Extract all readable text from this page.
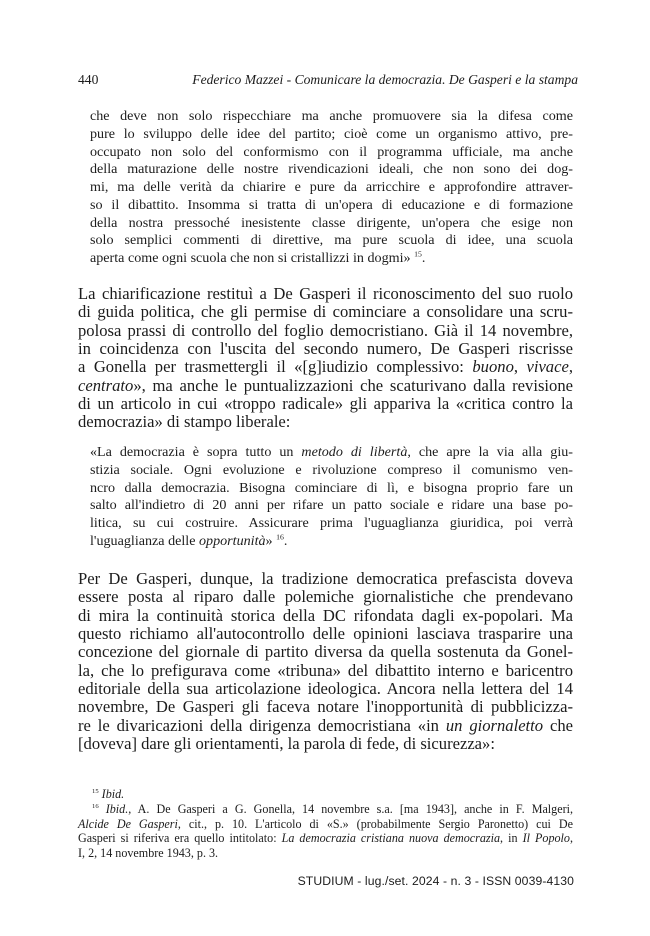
440	Federico Mazzei - Comunicare la democrazia. De Gasperi e la stampa
che deve non solo rispecchiare ma anche promuovere sia la difesa come
pure lo sviluppo delle idee del partito; cioè come un organismo attivo, pre-
occupato non solo del conformismo con il programma ufficiale, ma anche
della maturazione delle nostre rivendicazioni ideali, che non sono dei dog-
mi, ma delle verità da chiarire e pure da arricchire e approfondire attraver-
so il dibattito. Insomma si tratta di un'opera di educazione e di formazione
della nostra pressoché inesistente classe dirigente, un'opera che esige non
solo semplici commenti di direttive, ma pure scuola di idee, una scuola
aperta come ogni scuola che non si cristallizzi in dogmi» $^{15}$.
La chiarificazione restituì a De Gasperi il riconoscimento del suo ruolo
di guida politica, che gli permise di cominciare a consolidare una scru-
polosa prassi di controllo del foglio democristiano. Già il 14 novembre,
in coincidenza con l'uscita del secondo numero, De Gasperi riscrisse
a Gonella per trasmettergli il «[g]iudizio complessivo: buono, vivace,
centrato», ma anche le puntualizzazioni che scaturivano dalla revisione
di un articolo in cui «troppo radicale» gli appariva la «critica contro la
democrazia» di stampo liberale:
«La democrazia è sopra tutto un metodo di libertà, che apre la via alla giu-
stizia sociale. Ogni evoluzione e rivoluzione compreso il comunismo ven-
ncro dalla democrazia. Bisogna cominciare di lì, e bisogna proprio fare un
salto all'indietro di 20 anni per rifare un patto sociale e ridare una base po-
litica, su cui costruire. Assicurare prima l'uguaglianza giuridica, poi verrà
l'uguaglianza delle opportunità» $^{16}$.
Per De Gasperi, dunque, la tradizione democratica prefascista doveva
essere posta al riparo dalle polemiche giornalistiche che prendevano
di mira la continuità storica della DC rifondata dagli ex-popolari. Ma
questo richiamo all'autocontrollo delle opinioni lasciava trasparire una
concezione del giornale di partito diversa da quella sostenuta da Gonel-
la, che lo prefigurava come «tribuna» del dibattito interno e baricentro
editoriale della sua articolazione ideologica. Ancora nella lettera del 14
novembre, De Gasperi gli faceva notare l'inopportunità di pubblicizza-
re le divaricazioni della dirigenza democristiana «in un giornaletto che
[doveva] dare gli orientamenti, la parola di fede, di sicurezza»:
$^{15}$ Ibid.
$^{16}$ Ibid., A. De Gasperi a G. Gonella, 14 novembre s.a. [ma 1943], anche in F. Malgeri,
Alcide De Gasperi, cit., p. 10. L'articolo di «S.» (probabilmente Sergio Paronetto) cui De
Gasperi si riferiva era quello intitolato: La democrazia cristiana nuova democrazia, in Il Popolo,
I, 2, 14 novembre 1943, p. 3.
STUDIUM - lug./set. 2024 - n. 3 - ISSN 0039-4130
